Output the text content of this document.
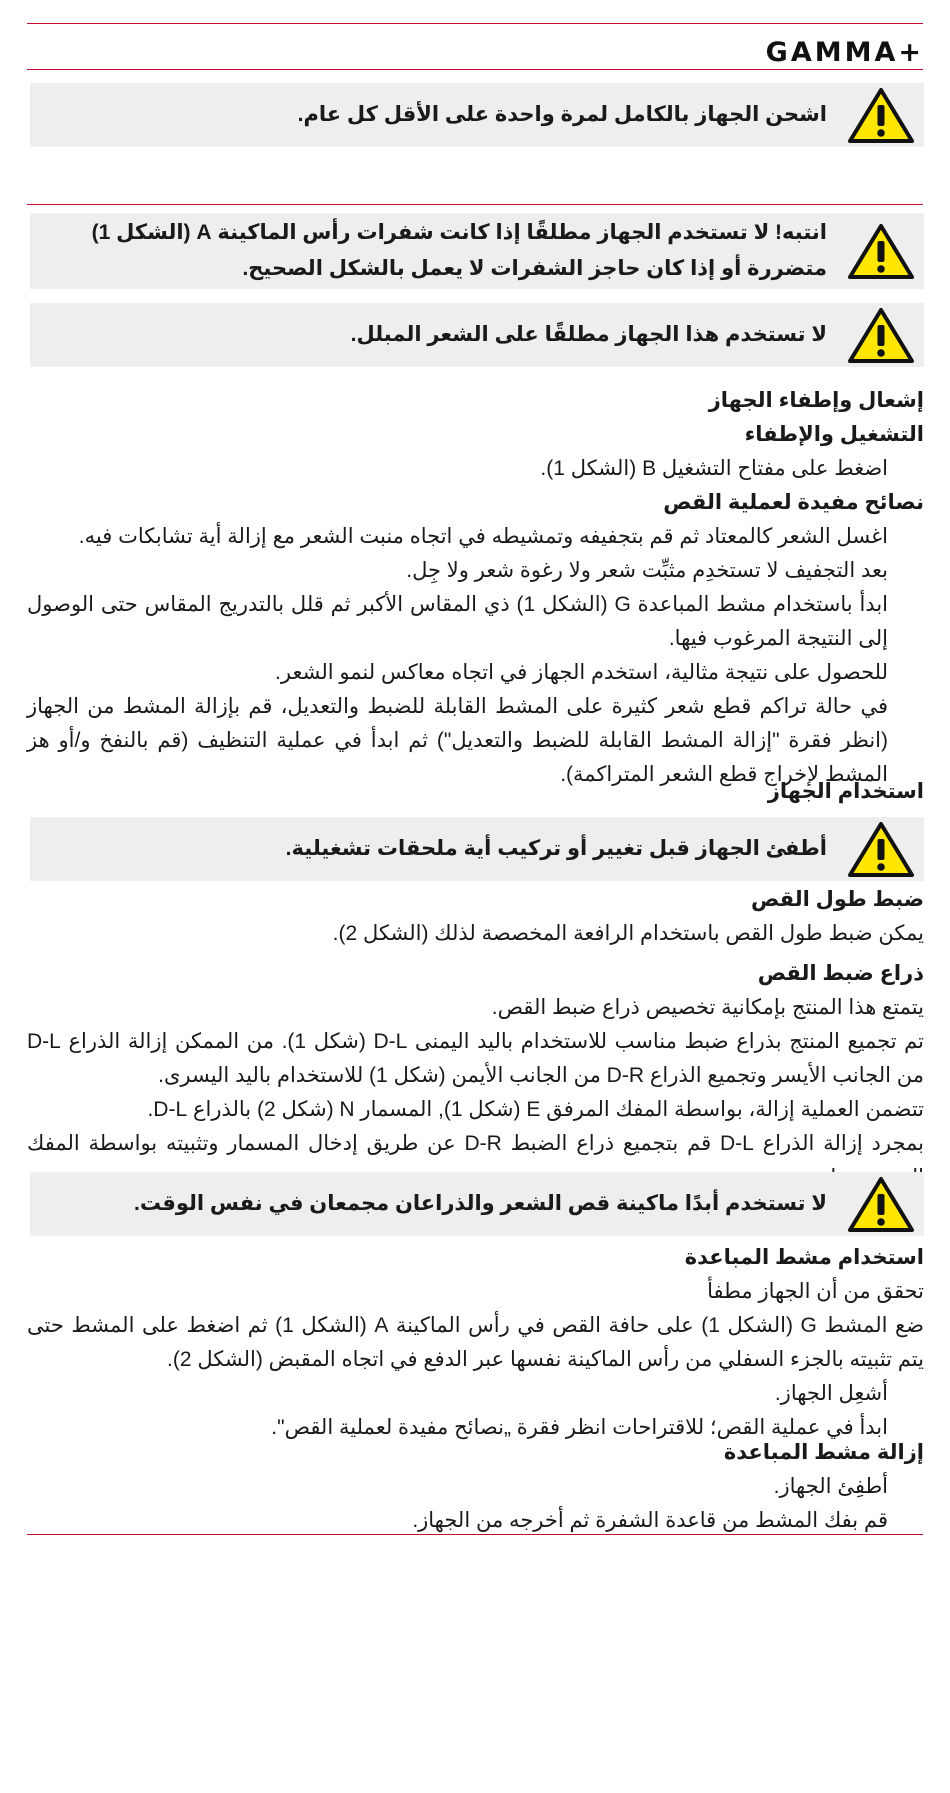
GAMMA+
اشحن الجهاز بالكامل لمرة واحدة على الأقل كل عام.
انتبه! لا تستخدم الجهاز مطلقًا إذا كانت شفرات رأس الماكينة A (الشكل 1) متضررة أو إذا كان حاجز الشفرات لا يعمل بالشكل الصحيح.
لا تستخدم هذا الجهاز مطلقًا على الشعر المبلل.

إشعال وإطفاء الجهاز

التشغيل والإطفاء

اضغط على مفتاح التشغيل B (الشكل 1).

نصائح مفيدة لعملية القص

اغسل الشعر كالمعتاد ثم قم بتجفيفه وتمشيطه في اتجاه منبت الشعر مع إزالة أية تشابكات فيه.

بعد التجفيف لا تستخدِم مثبِّت شعر ولا رغوة شعر ولا جِل.

ابدأ باستخدام مشط المباعدة G (الشكل 1) ذي المقاس الأكبر ثم قلل بالتدريج المقاس حتى الوصول إلى النتيجة المرغوب فيها.

للحصول على نتيجة مثالية، استخدم الجهاز في اتجاه معاكس لنمو الشعر.

في حالة تراكم قطع شعر كثيرة على المشط القابلة للضبط والتعديل، قم بإزالة المشط من الجهاز (انظر فقرة "إزالة المشط القابلة للضبط والتعديل") ثم ابدأ في عملية التنظيف (قم بالنفخ و/أو هز المشط لإخراج قطع الشعر المتراكمة).

استخدام الجهاز

أطفئ الجهاز قبل تغيير أو تركيب أية ملحقات تشغيلية.

ضبط طول القص

يمكن ضبط طول القص باستخدام الرافعة المخصصة لذلك (الشكل 2).

ذراع ضبط القص

يتمتع هذا المنتج بإمكانية تخصيص ذراع ضبط القص.

تم تجميع المنتج بذراع ضبط مناسب للاستخدام باليد اليمنى D-L (شكل 1). من الممكن إزالة الذراع D-L من الجانب الأيسر وتجميع الذراع D-R من الجانب الأيمن (شكل 1) للاستخدام باليد اليسرى.

تتضمن العملية إزالة، بواسطة المفك المرفق E (شكل 1), المسمار N (شكل 2) بالذراع D-L.

بمجرد إزالة الذراع D-L قم بتجميع ذراع الضبط D-R عن طريق إدخال المسمار وتثبيته بواسطة المفك

لا تستخدم أبدًا ماكينة قص الشعر والذراعان مجمعان في نفس الوقت.

استخدام مشط المباعدة

تحقق من أن الجهاز مطفأ

ضع المشط G (الشكل 1) على حافة القص في رأس الماكينة A (الشكل 1) ثم اضغط على المشط حتى يتم تثبيته بالجزء السفلي من رأس الماكينة نفسها عبر الدفع في اتجاه المقبض (الشكل 2).

أشعِل الجهاز.

ابدأ في عملية القص؛ للاقتراحات انظر فقرة „نصائح مفيدة لعملية القص".

إزالة مشط المباعدة

أطفِئ الجهاز.

قم بفك المشط من قاعدة الشفرة ثم أخرجه من الجهاز.
